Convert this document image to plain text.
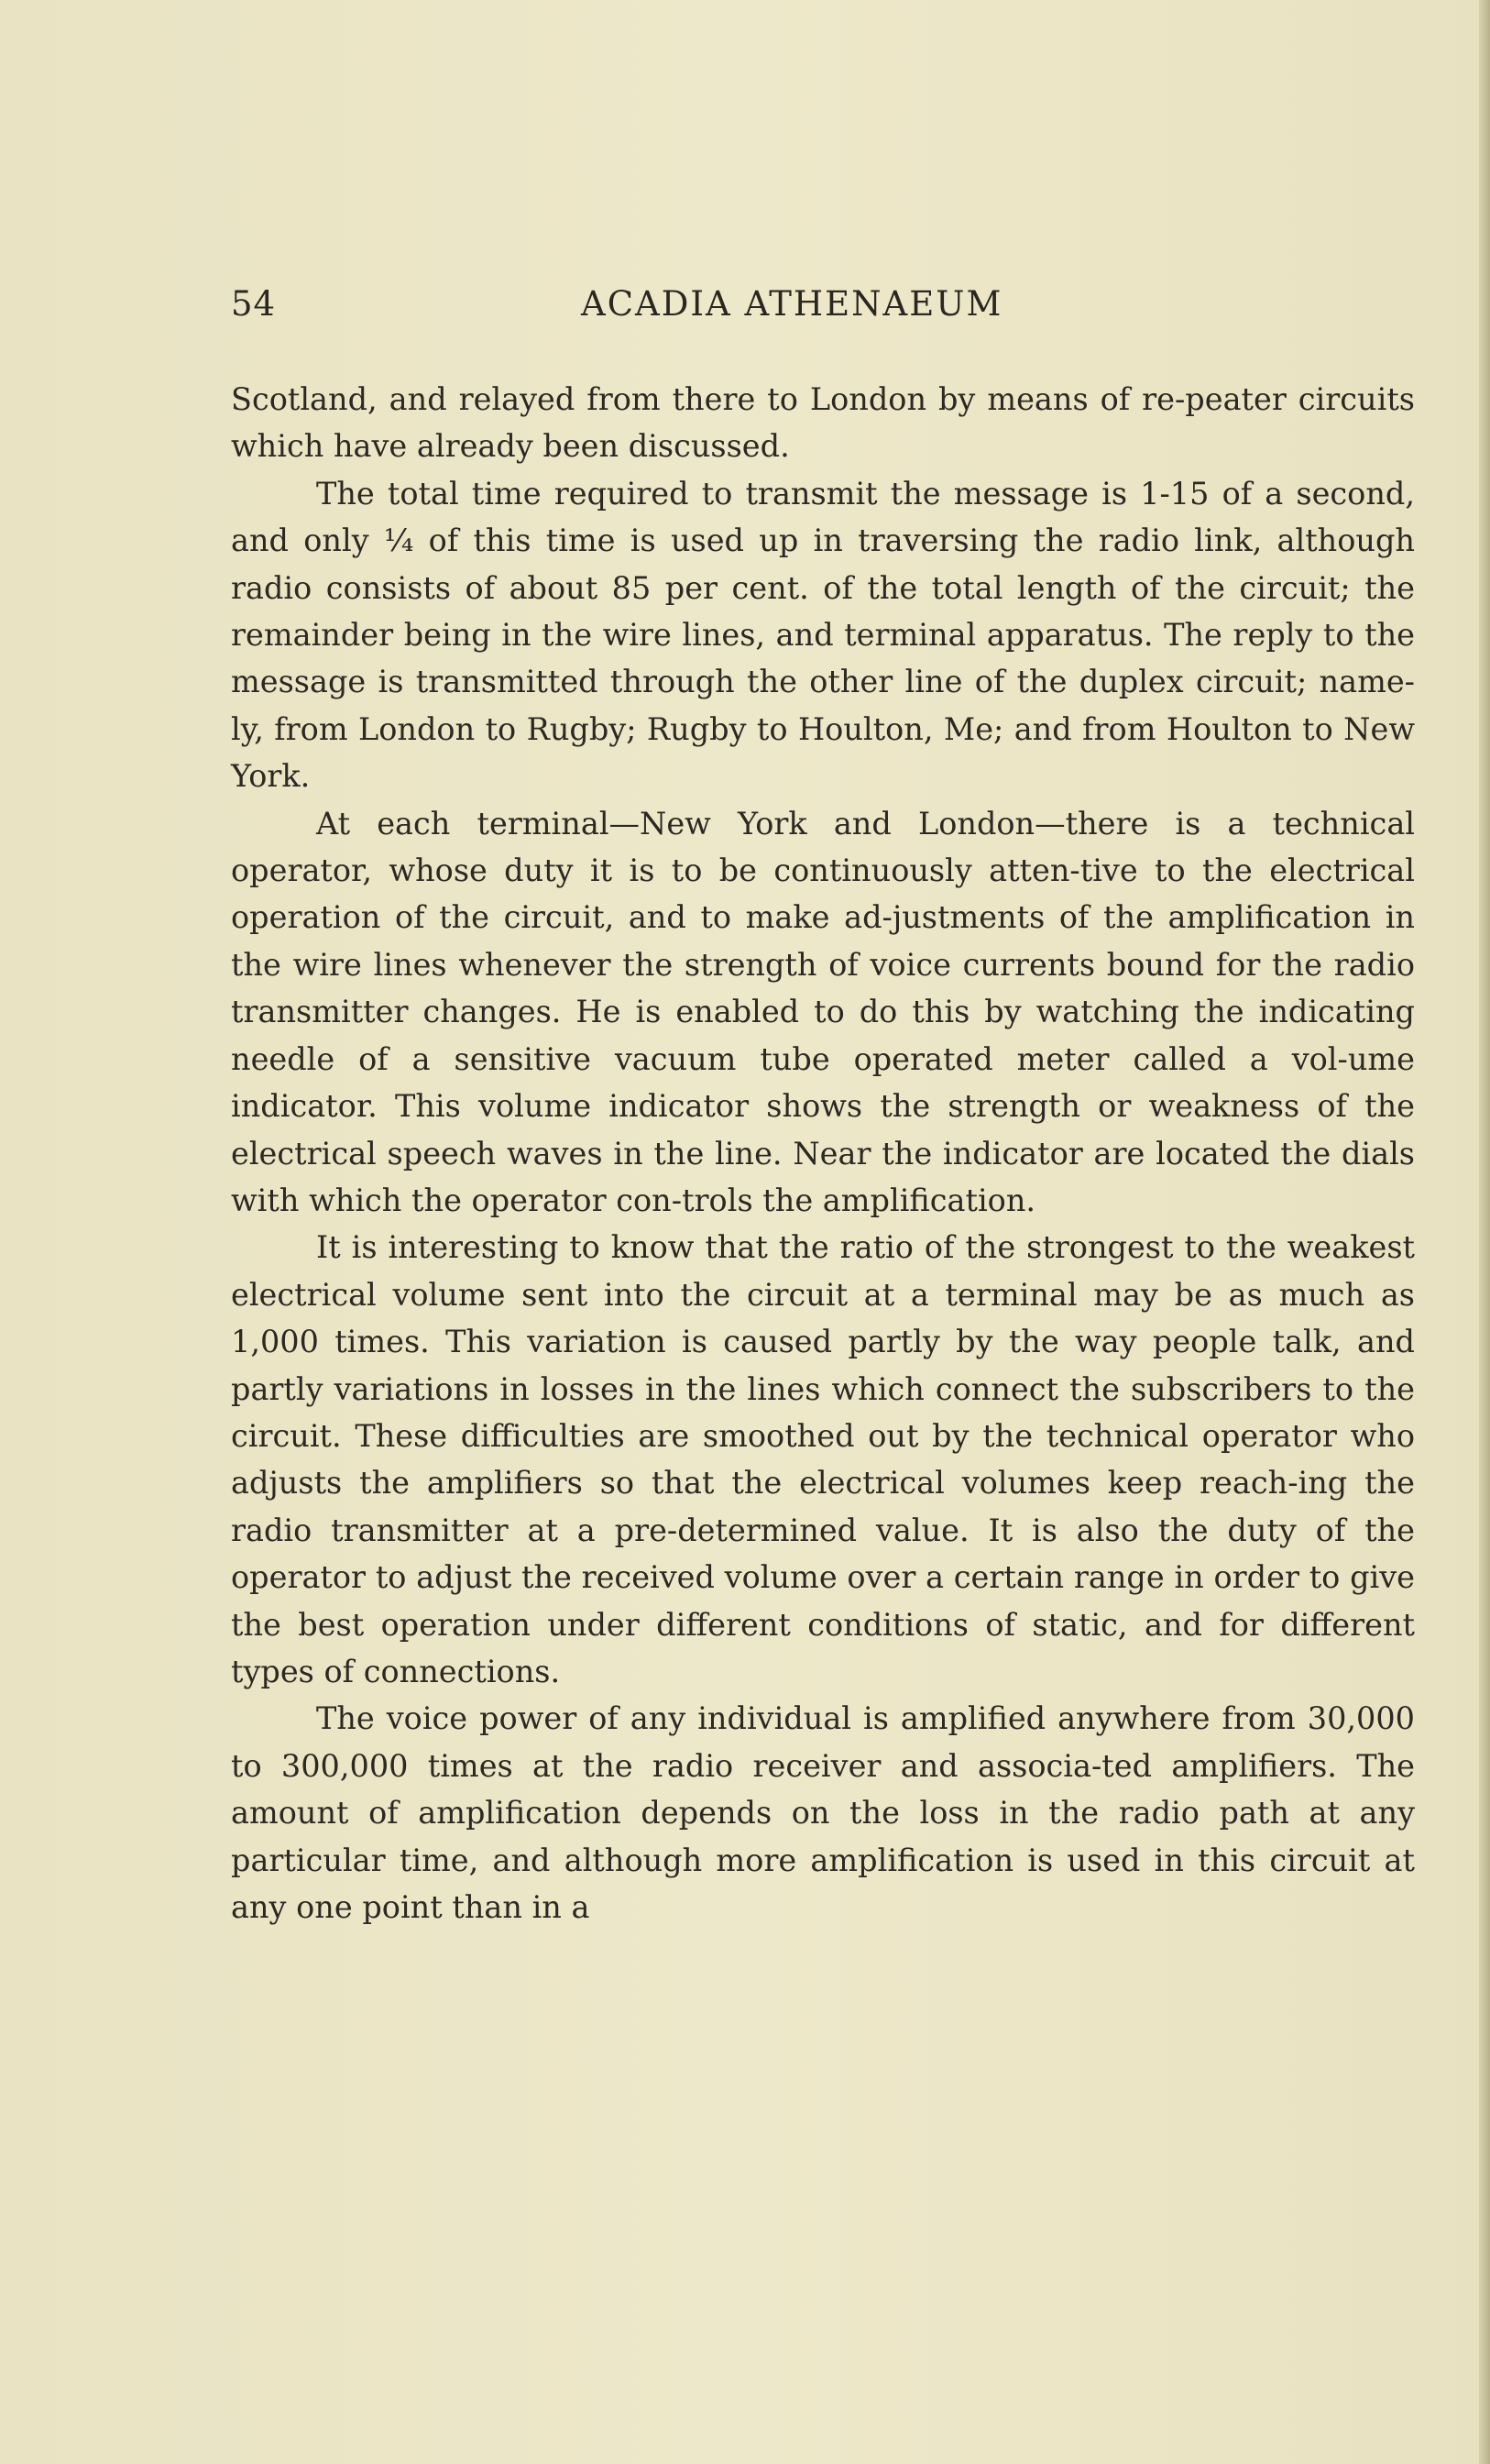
54	ACADIA ATHENAEUM

Scotland, and relayed from there to London by means of re-peater circuits which have already been discussed.

The total time required to transmit the message is 1-15 of a second, and only ¼ of this time is used up in traversing the radio link, although radio consists of about 85 per cent. of the total length of the circuit; the remainder being in the wire lines, and terminal apparatus. The reply to the message is transmitted through the other line of the duplex circuit; name-ly, from London to Rugby; Rugby to Houlton, Me; and from Houlton to New York.

At each terminal—New York and London—there is a technical operator, whose duty it is to be continuously atten-tive to the electrical operation of the circuit, and to make ad-justments of the amplification in the wire lines whenever the strength of voice currents bound for the radio transmitter changes. He is enabled to do this by watching the indicating needle of a sensitive vacuum tube operated meter called a vol-ume indicator. This volume indicator shows the strength or weakness of the electrical speech waves in the line. Near the indicator are located the dials with which the operator con-trols the amplification.

It is interesting to know that the ratio of the strongest to the weakest electrical volume sent into the circuit at a terminal may be as much as 1,000 times. This variation is caused partly by the way people talk, and partly variations in losses in the lines which connect the subscribers to the circuit. These difficulties are smoothed out by the technical operator who adjusts the amplifiers so that the electrical volumes keep reach-ing the radio transmitter at a pre-determined value. It is also the duty of the operator to adjust the received volume over a certain range in order to give the best operation under different conditions of static, and for different types of connections.

The voice power of any individual is amplified anywhere from 30,000 to 300,000 times at the radio receiver and associa-ted amplifiers. The amount of amplification depends on the loss in the radio path at any particular time, and although more amplification is used in this circuit at any one point than in a
